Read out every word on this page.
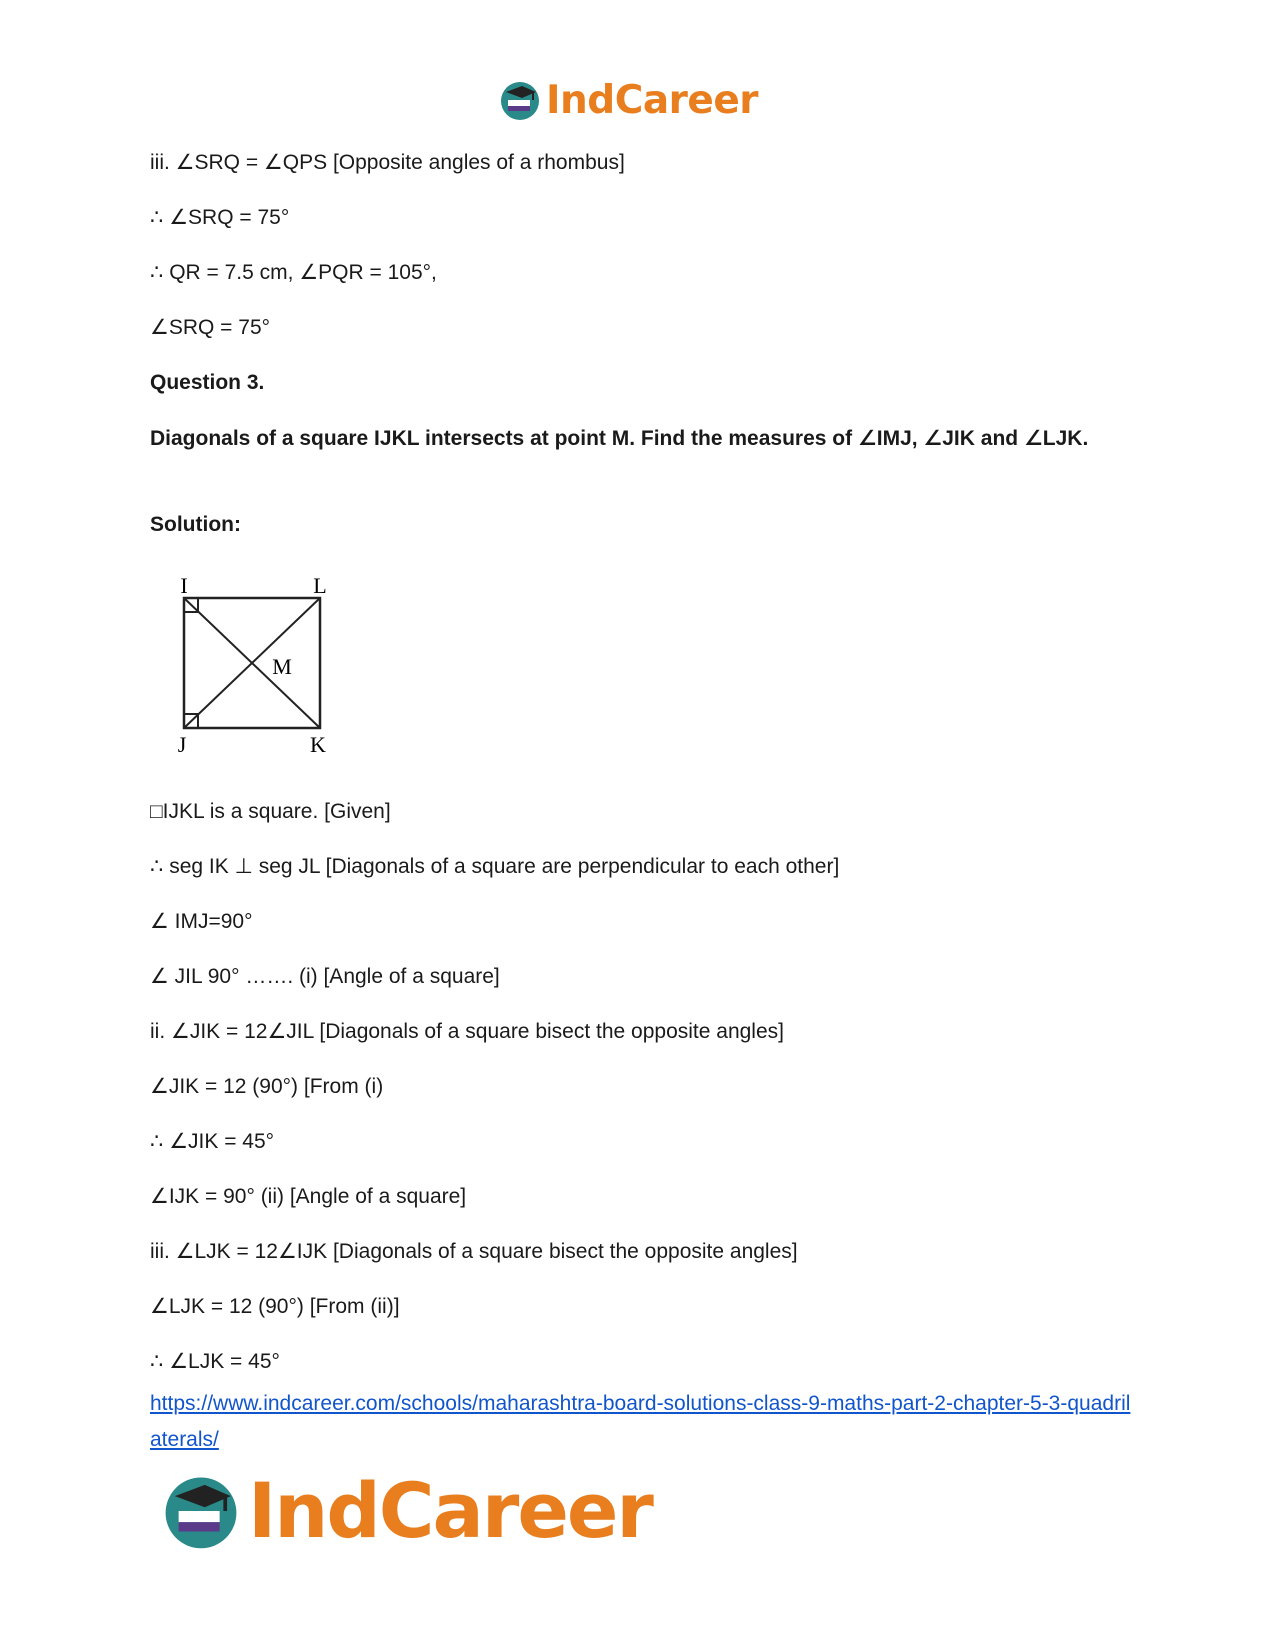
IndCareer
iii. ∠SRQ = ∠QPS [Opposite angles of a rhombus]
∴ ∠SRQ = 75°
∴ QR = 7.5 cm, ∠PQR = 105°,
∠SRQ = 75°
Question 3.
Diagonals of a square IJKL intersects at point M. Find the measures of ∠IMJ, ∠JIK and ∠LJK.
Solution:
I	L
M
J	K
□IJKL is a square. [Given]
∴ seg IK ⊥ seg JL [Diagonals of a square are perpendicular to each other]
∠ IMJ=90°
∠ JIL 90° ……. (i) [Angle of a square]
ii. ∠JIK = 12∠JIL [Diagonals of a square bisect the opposite angles]
∠JIK = 12 (90°) [From (i)
∴ ∠JIK = 45°
∠IJK = 90° (ii) [Angle of a square]
iii. ∠LJK = 12∠IJK [Diagonals of a square bisect the opposite angles]
∠LJK = 12 (90°) [From (ii)]
∴ ∠LJK = 45°
https://www.indcareer.com/schools/maharashtra-board-solutions-class-9-maths-part-2-chapter-5-3-quadrilaterals/
IndCareer
